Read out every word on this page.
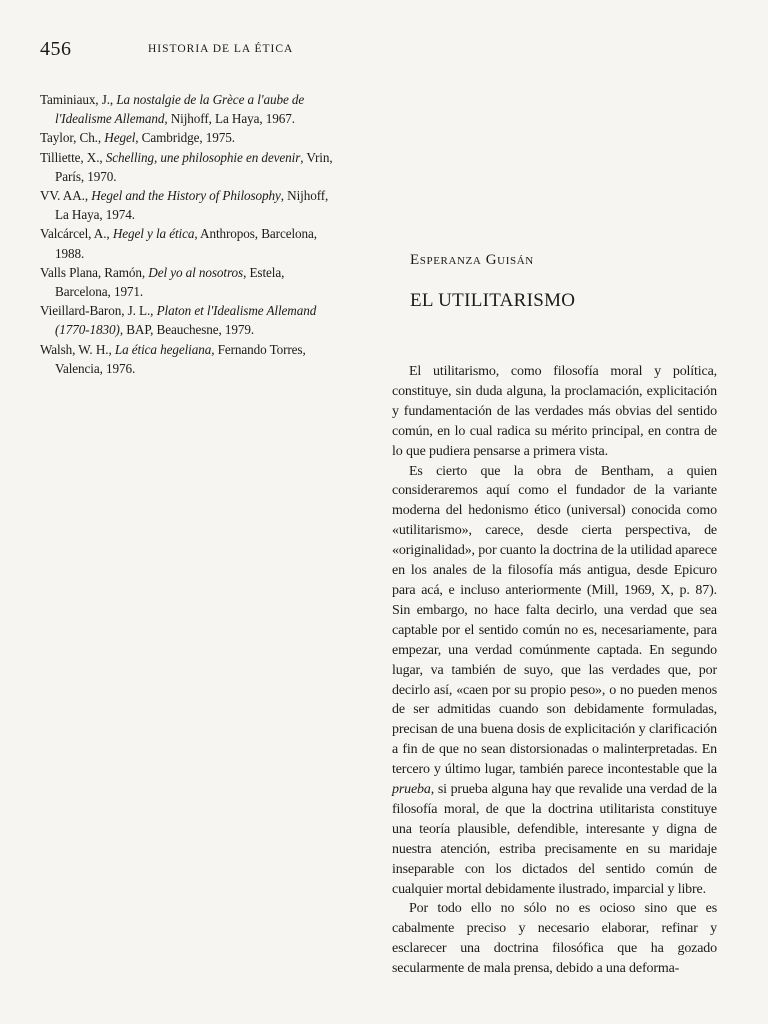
456	HISTORIA DE LA ÉTICA

Taminiaux, J., La nostalgie de la Grèce a l'aube de l'Idealisme Allemand, Nijhoff, La Haya, 1967.

Taylor, Ch., Hegel, Cambridge, 1975.

Tilliette, X., Schelling, une philosophie en devenir, Vrin, París, 1970.

VV. AA., Hegel and the History of Philosophy, Nijhoff, La Haya, 1974.

Valcárcel, A., Hegel y la ética, Anthropos, Barcelona, 1988.

Valls Plana, Ramón, Del yo al nosotros, Estela, Barcelona, 1971.

Vieillard-Baron, J. L., Platon et l'Idealisme Allemand (1770-1830), BAP, Beauchesne, 1979.

Walsh, W. H., La ética hegeliana, Fernando Torres, Valencia, 1976.

Esperanza Guisán
EL UTILITARISMO

El utilitarismo, como filosofía moral y política, constituye, sin duda alguna, la proclamación, explicitación y fundamentación de las verdades más obvias del sentido común, en lo cual radica su mérito principal, en contra de lo que pudiera pensarse a primera vista.

Es cierto que la obra de Bentham, a quien consideraremos aquí como el fundador de la variante moderna del hedonismo ético (universal) conocida como «utilitarismo», carece, desde cierta perspectiva, de «originalidad», por cuanto la doctrina de la utilidad aparece en los anales de la filosofía más antigua, desde Epicuro para acá, e incluso anteriormente (Mill, 1969, X, p. 87). Sin embargo, no hace falta decirlo, una verdad que sea captable por el sentido común no es, necesariamente, para empezar, una verdad comúnmente captada. En segundo lugar, va también de suyo, que las verdades que, por decirlo así, «caen por su propio peso», o no pueden menos de ser admitidas cuando son debidamente formuladas, precisan de una buena dosis de explicitación y clarificación a fin de que no sean distorsionadas o malinterpretadas. En tercero y último lugar, también parece incontestable que la prueba, si prueba alguna hay que revalide una verdad de la filosofía moral, de que la doctrina utilitarista constituye una teoría plausible, defendible, interesante y digna de nuestra atención, estriba precisamente en su maridaje inseparable con los dictados del sentido común de cualquier mortal debidamente ilustrado, imparcial y libre.

Por todo ello no sólo no es ocioso sino que es cabalmente preciso y necesario elaborar, refinar y esclarecer una doctrina filosófica que ha gozado secularmente de mala prensa, debido a una deforma-
